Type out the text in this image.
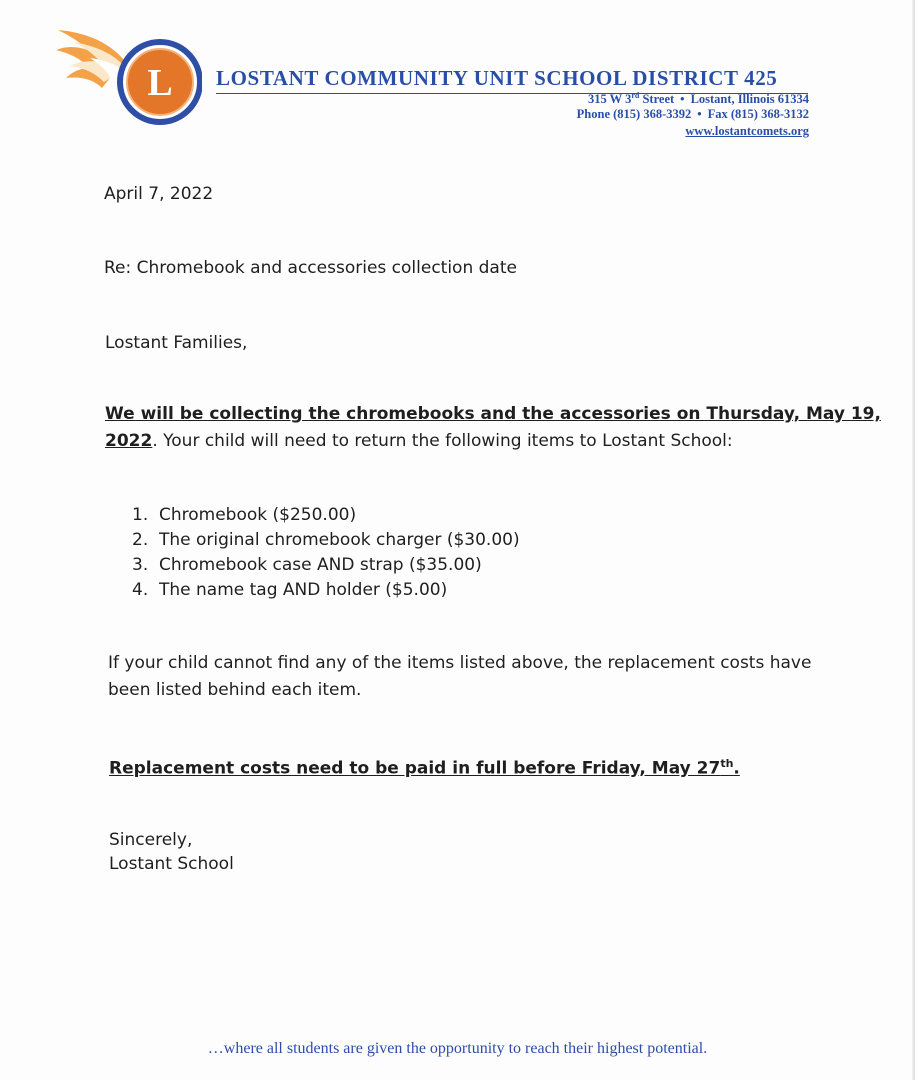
L LOSTANT COMMUNITY UNIT SCHOOL DISTRICT 425
315 W 3rd Street • Lostant, Illinois 61334
Phone (815) 368-3392 • Fax (815) 368-3132
www.lostantcomets.org
April 7, 2022
Re: Chromebook and accessories collection date
Lostant Families,
We will be collecting the chromebooks and the accessories on Thursday, May 19,
2022. Your child will need to return the following items to Lostant School:
1. Chromebook ($250.00)
2. The original chromebook charger ($30.00)
3. Chromebook case AND strap ($35.00)
4. The name tag AND holder ($5.00)
If your child cannot find any of the items listed above, the replacement costs have
been listed behind each item.
Replacement costs need to be paid in full before Friday, May 27th.
Sincerely,
Lostant School
…where all students are given the opportunity to reach their highest potential.
